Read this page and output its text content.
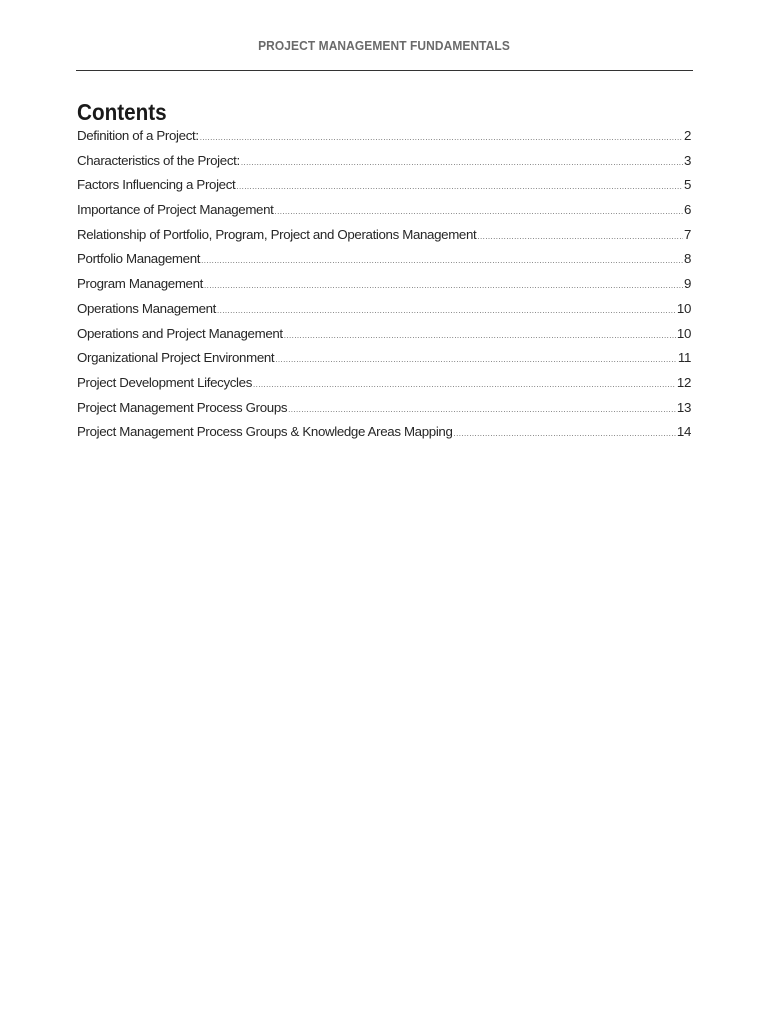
PROJECT MANAGEMENT FUNDAMENTALS
Contents
Definition of a Project: .....	2
Characteristics of the Project: .....	3
Factors Influencing a Project .....	5
Importance of Project Management .....	6
Relationship of Portfolio, Program, Project and Operations Management .....	7
Portfolio Management .....	8
Program Management .....	9
Operations Management .....	10
Operations and Project Management .....	10
Organizational Project Environment .....	11
Project Development Lifecycles .....	12
Project Management Process Groups .....	13
Project Management Process Groups & Knowledge Areas Mapping .....	14
